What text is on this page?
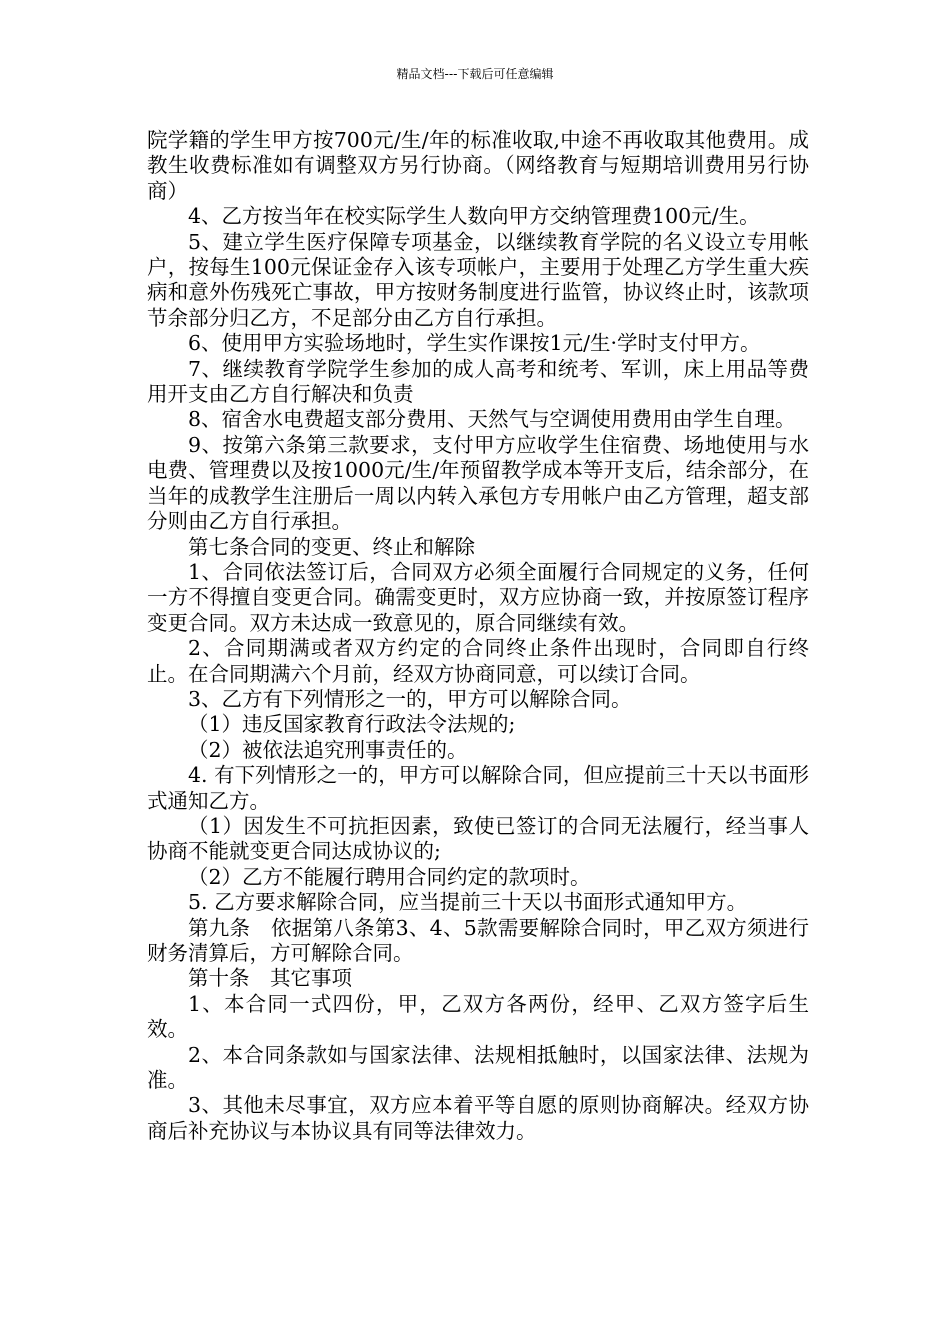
精品文档---下载后可任意编辑

院学籍的学生甲方按700元/生/年的标准收取,中途不再收取其他费用。成教生收费标准如有调整双方另行协商。（网络教育与短期培训费用另行协商）

4、乙方按当年在校实际学生人数向甲方交纳管理费100元/生。

5、建立学生医疗保障专项基金，以继续教育学院的名义设立专用帐户，按每生100元保证金存入该专项帐户，主要用于处理乙方学生重大疾病和意外伤残死亡事故，甲方按财务制度进行监管，协议终止时，该款项节余部分归乙方，不足部分由乙方自行承担。

6、使用甲方实验场地时，学生实作课按1元/生·学时支付甲方。

7、继续教育学院学生参加的成人高考和统考、军训，床上用品等费用开支由乙方自行解决和负责

8、宿舍水电费超支部分费用、天然气与空调使用费用由学生自理。

9、按第六条第三款要求，支付甲方应收学生住宿费、场地使用与水电费、管理费以及按1000元/生/年预留教学成本等开支后，结余部分，在当年的成教学生注册后一周以内转入承包方专用帐户由乙方管理，超支部分则由乙方自行承担。

第七条合同的变更、终止和解除

1、合同依法签订后，合同双方必须全面履行合同规定的义务，任何一方不得擅自变更合同。确需变更时，双方应协商一致，并按原签订程序变更合同。双方未达成一致意见的，原合同继续有效。

2、合同期满或者双方约定的合同终止条件出现时，合同即自行终止。在合同期满六个月前，经双方协商同意，可以续订合同。

3、乙方有下列情形之一的，甲方可以解除合同。

（1）违反国家教育行政法令法规的;

（2）被依法追究刑事责任的。

4. 有下列情形之一的，甲方可以解除合同，但应提前三十天以书面形式通知乙方。

（1）因发生不可抗拒因素，致使已签订的合同无法履行，经当事人协商不能就变更合同达成协议的;

（2）乙方不能履行聘用合同约定的款项时。

5. 乙方要求解除合同，应当提前三十天以书面形式通知甲方。

第九条　依据第八条第3、4、5款需要解除合同时，甲乙双方须进行财务清算后，方可解除合同。

第十条　其它事项

1、本合同一式四份，甲，乙双方各两份，经甲、乙双方签字后生效。

2、本合同条款如与国家法律、法规相抵触时，以国家法律、法规为准。

3、其他未尽事宜，双方应本着平等自愿的原则协商解决。经双方协商后补充协议与本协议具有同等法律效力。
